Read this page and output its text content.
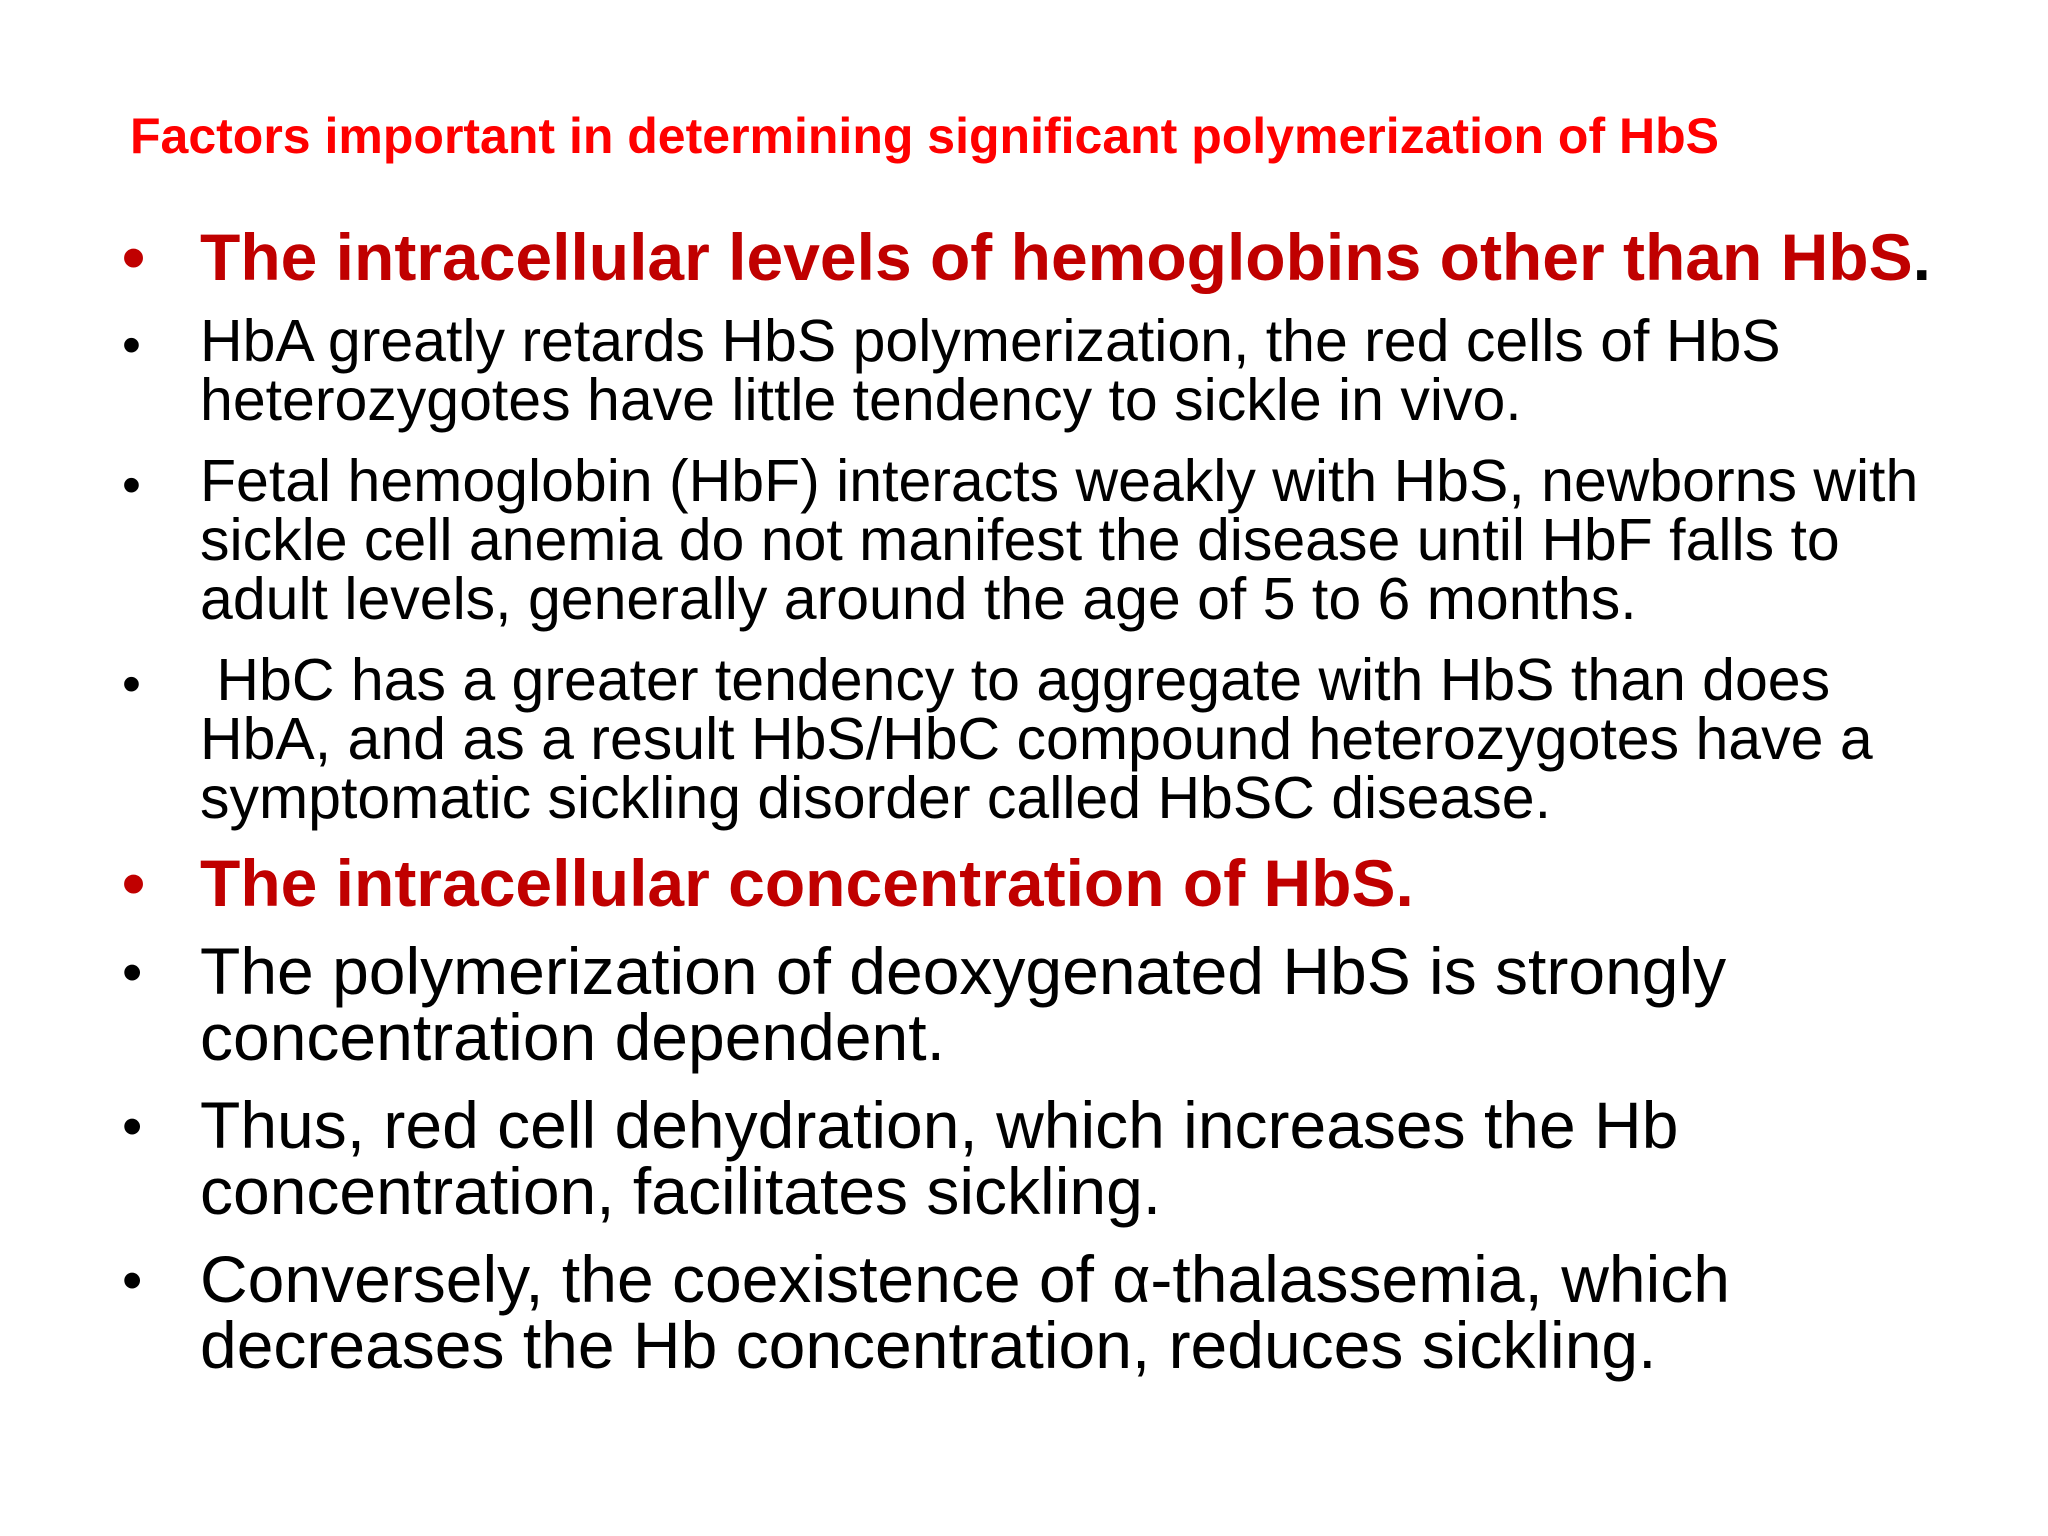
Factors important in determining significant polymerization of HbS
• The intracellular levels of hemoglobins other than HbS.
• HbA greatly retards HbS polymerization, the red cells of HbS heterozygotes have little tendency to sickle in vivo.
• Fetal hemoglobin (HbF) interacts weakly with HbS, newborns with sickle cell anemia do not manifest the disease until HbF falls to adult levels, generally around the age of 5 to 6 months.
• HbC has a greater tendency to aggregate with HbS than does HbA, and as a result HbS/HbC compound heterozygotes have a symptomatic sickling disorder called HbSC disease.
• The intracellular concentration of HbS.
• The polymerization of deoxygenated HbS is strongly concentration dependent.
• Thus, red cell dehydration, which increases the Hb concentration, facilitates sickling.
• Conversely, the coexistence of α-thalassemia, which decreases the Hb concentration, reduces sickling.
